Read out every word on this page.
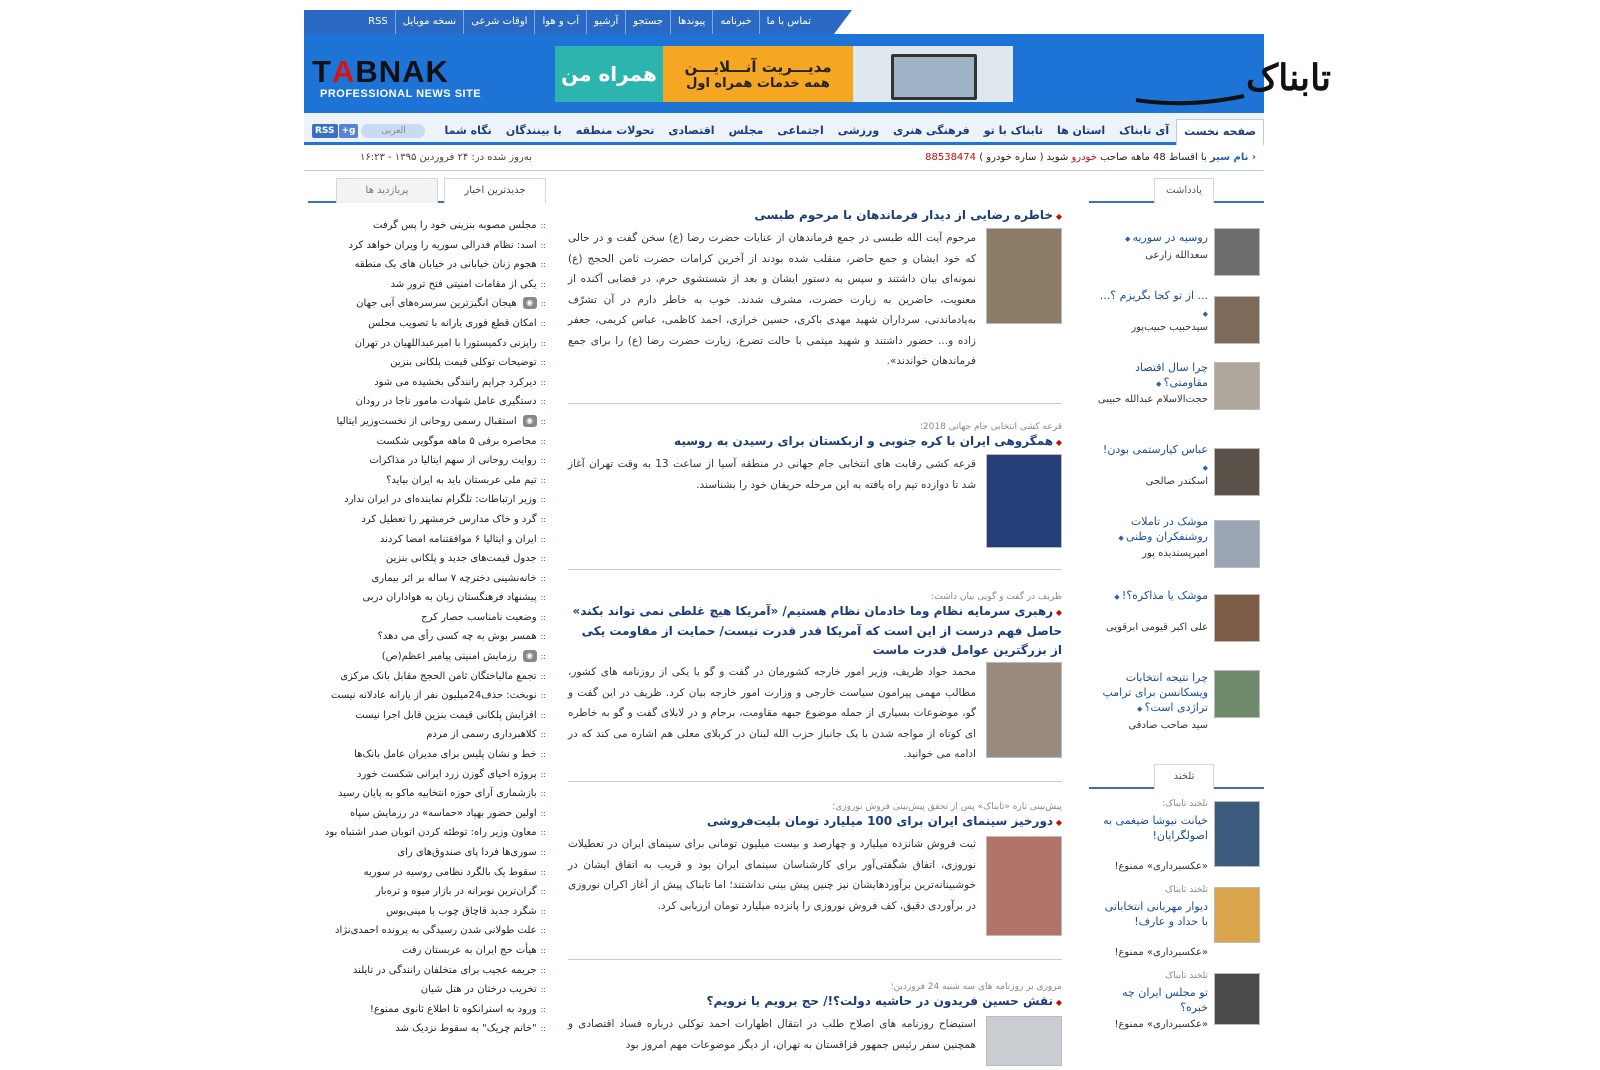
تماس با ما
خبرنامه
پیوندها
جستجو
آرشیو
آب و هوا
اوقات شرعی
نسخه موبایل
RSS
تابناک
TABNAK
PROFESSIONAL NEWS SITE
مدیـــریت آنـــلایـــن
همه خدمات همراه اول
همراه من
صفحه نخست
آی تابناک
استان ها
تابناک با تو
فرهنگی هنری
ورزشی
اجتماعی
مجلس
اقتصادی
تحولات منطقه
با بینندگان
نگاه شما
RSS +g	العربی
‹ نام سیر با اقساط 48 ماهه صاحب خودرو شوید ( ساره خودرو ) 88538474
به‌روز شده در: ۲۴ فروردین ۱۳۹۵ - ۱۶:۲۳
یادداشت
روسیه در سوریه ◆
سعدالله زارعی
... از تو کجا بگریزم ؟... ◆
سیدحبیب حبیب‌پور
چرا سال اقتصاد مقاومتی؟ ◆
حجت‌الاسلام عبدالله حبیبی
عباس کیارستمی بودن! ◆
اسکندر صالحی
موشک در تاملات روشنفکران وطنی ◆
امیرپسندیده پور
موشک یا مذاکره؟! ◆
علی اکبر قیومی ابرقویی
چرا نتیجه انتخابات ویسکانسن برای ترامپ تراژدی است؟ ◆
سید صاحب صادقی
تلخند
تلخند تابناک:
خیانت نیوشا ضیغمی به اصولگرایان!
«عکسبرداری» ممنوع!
تلخند تابناک
دیوار مهربانی انتخاباتی با حداد و عارف!
«عکسبرداری» ممنوع!
تلخند تابناک
تو مجلس ایران چه خبره؟
«عکسبرداری» ممنوع!
◆ خاطره رضایی از دیدار فرماندهان با مرحوم طبسی
مرحوم آیت الله طبسی در جمع فرماندهان از عنایات حضرت رضا (ع) سخن گفت و در حالی که خود ایشان و جمع حاضر، منقلب شده بودند از آخرین کرامات حضرت ثامن الحجج (ع) نمونه‌ای بیان داشتند و سپس به دستور ایشان و بعد از شستشوی حرم، در فضایی آکنده از معنویت، حاضرین به زیارت حضرت، مشرف شدند. خوب به خاطر دارم در آن تشرّف به‌یادماندنی، سرداران شهید مهدی باکری، حسین خرازی، احمد کاظمی، عباس کریمی، جعفر زاده و... حضور داشتند و شهید میثمی با حالت تضرع، زیارت حضرت رضا (ع) را برای جمع فرماندهان خواندند».
قرعه کشی انتخابی جام جهانی 2018؛
◆ همگروهی ایران با کره جنوبی و ازبکستان برای رسیدن به روسیه
قرعه کشی رقابت های انتخابی جام جهانی در منطقه آسیا از ساعت 13 به وقت تهران آغاز شد تا دوازده تیم راه یافته به این مرحله حریفان خود را بشناسند.
ظریف در گفت و گویی بیان داشت:
◆ رهبری سرمایه نظام وما خادمان نظام هستیم/ «آمریکا هیچ غلطی نمی تواند بکند» حاصل فهم درست از این است که آمریکا قدر قدرت نیست/ حمایت از مقاومت یکی از بزرگترین عوامل قدرت ماست
محمد جواد ظریف، وزیر امور خارجه کشورمان در گفت و گو یا یکی از روزنامه های کشور، مطالب مهمی پیرامون سیاست خارجی و وزارت امور خارجه بیان کرد. ظریف در این گفت و گو، موضوعات بسیاری از جمله موضوع جبهه مقاومت، برجام و در لابلای گفت و گو به خاطره ای کوتاه از مواجه شدن با یک جانباز حزب الله لبنان در کربلای معلی هم اشاره می کند که در ادامه می خوانید.
پیش‌بینی تازه «تابناک» پس از تحقق پیش‌بینی فروش نوروزی؛
◆ دورخیز سینمای ایران برای 100 میلیارد تومان بلیت‌فروشی
ثبت فروش شانزده میلیارد و چهارصد و بیست میلیون تومانی برای سینمای ایران در تعطیلات نوروزی، اتفاق شگفتی‌آور برای کارشناسان سینمای ایران بود و قریب به اتفاق ایشان در خوشبینانه‌ترین برآوردهایشان نیز چنین پیش بینی نداشتند؛ اما تابناک پیش از آغاز اکران نوروزی در برآوردی دقیق، کف فروش نوروزی را پانزده میلیارد تومان ارزیابی کرد.
مروری بر روزنامه های سه شنبه 24 فروردین؛
◆ نقش حسین فریدون در حاشیه دولت؟!/ حج برویم یا نرویم؟
استیضاح روزنامه های اصلاح طلب در انتقال اظهارات احمد توکلی درباره فساد اقتصادی و همچنین سفر رئیس جمهور قزاقستان به تهران، از دیگر موضوعات مهم امروز بود
جدیدترین اخبار
پربازدید ها
::مجلس مصوبه بنزینی خود را پس گرفت
::اسد: نظام فدرالی سوریه را ویران خواهد کرد
::هجوم زنان خیابانی در خیابان های یک منطقه
::یکی از مقامات امنیتی فتح ترور شد
::◉هیجان انگیزترین سرسره‌های آبی جهان
::امکان قطع فوری یارانه با تصویب مجلس
::رایزنی دکمیستورا با امیرعبداللهیان در تهران
::توضیحات توکلی قیمت پلکانی بنزین
::دیرکرد جرایم رانندگی بخشیده می شود
::دستگیری عامل شهادت مامور ناجا در رودان
::◉استقبال رسمی روحانی از نخست‌وزیر ایتالیا
::محاصره برفی ۵ ماهه موگویی شکست
::روایت روحانی از سهم ایتالیا در مذاکرات
::تیم ملی عربستان باید به ایران بیاید؟
::وزیر ارتباطات: تلگرام نماینده‌ای در ایران ندارد
::گرد و خاک مدارس خرمشهر را تعطیل کرد
::ایران و ایتالیا ۶ موافقتنامه امضا کردند
::جدول قیمت‌های جدید و پلکانی بنزین
::خانه‌نشینی دخترچه ۷ ساله بر اثر بیماری
::پیشنهاد فرهنگستان زبان به هواداران دربی
::وضعیت نامناسب حصار کرج
::همسر بوش به چه کسی رأی می دهد؟
::◉رزمایش امنیتی پیامبر اعظم(ص)
::تجمع مالباختگان ثامن الحجج مقابل بانک مرکزی
::نوبخت: حذف24میلیون نفر از یارانه عادلانه نیست
::افزایش پلکانی قیمت بنزین قابل اجرا نیست
::کلاهبرداری رسمی از مردم
::خط و نشان پلیس برای مدیران عامل بانک‌ها
::پروژه احیای گوزن زرد ایرانی شکست خورد
::بازشماری آرای حوزه انتخابیه ماکو به پایان رسید
::اولین حضور بهپاد «حماسه» در رزمایش سپاه
::معاون وزیر راه: توطئه کردن اتوبان صدر اشتباه بود
::سوری‌ها فردا پای صندوق‌های رای
::سقوط یک بالگرد نظامی روسیه در سوریه
::گران‌ترین نوبرانه در بازار میوه و تره‌بار
::شگرد جدید قاچاق چوب با مینی‌بوس
::علت طولانی شدن رسیدگی به پرونده احمدی‌نژاد
::هیأت حج ایران به عربستان رفت
::جریمه عجیب برای متخلفان رانندگی در تایلند
::تخریب درختان در هتل شیان
::ورود به اسنرانکوه تا اطلاع ثانوی ممنوع!
::"خانم چریک" به سقوط نزدیک شد
